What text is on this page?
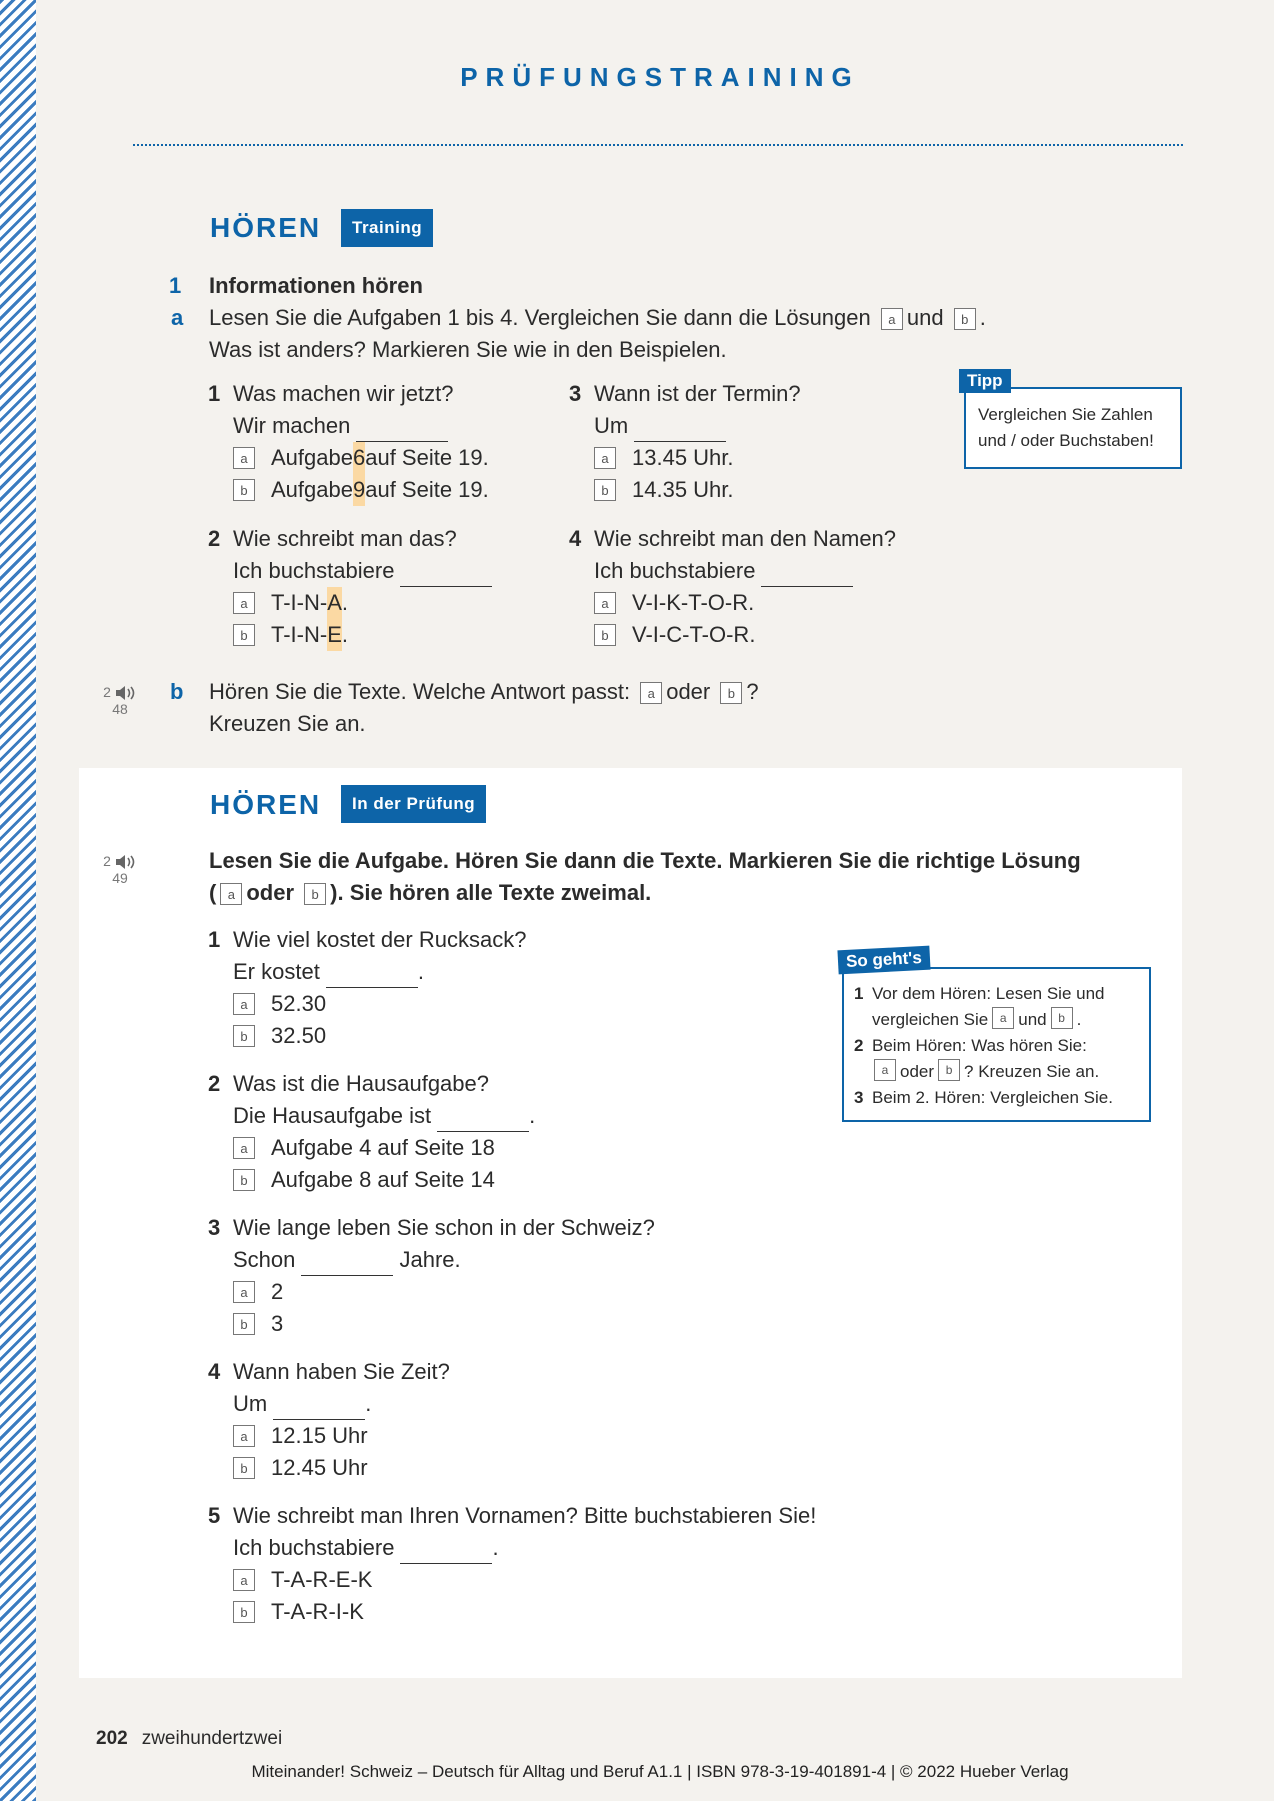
PRÜFUNGSTRAINING
HÖREN	Training
1 Informationen hören
a Lesen Sie die Aufgaben 1 bis 4. Vergleichen Sie dann die Lösungen a und b .
Was ist anders? Markieren Sie wie in den Beispielen.
1 Was machen wir jetzt?
Wir machen
a	Aufgabe 6 auf Seite 19.
b	Aufgabe 9 auf Seite 19.
3 Wann ist der Termin?
Um
a	13.45 Uhr.
b	14.35 Uhr.
Vergleichen Sie Zahlen
und / oder Buchstaben!
Tipp
2 Wie schreibt man das?
Ich buchstabiere
a	T-I-N- A .
b	T-I-N- E .
4 Wie schreibt man den Namen?
Ich buchstabiere
a	V-I-K-T-O-R.
b	V-I-C-T-O-R.
2
48
b Hören Sie die Texte. Welche Antwort passt: a oder b ?
Kreuzen Sie an.
HÖREN	In der Prüfung
2
49
Lesen Sie die Aufgabe. Hören Sie dann die Texte. Markieren Sie die richtige Lösung
( a oder b ). Sie hören alle Texte zweimal.
1 Wie viel kostet der Rucksack?
Er kostet	.
a	52.30
b	32.50
2 Was ist die Hausaufgabe?
Die Hausaufgabe ist	.
a	Aufgabe 4 auf Seite 18
b	Aufgabe 8 auf Seite 14
3 Wie lange leben Sie schon in der Schweiz?
Schon	Jahre.
a	2
b	3
4 Wann haben Sie Zeit?
Um	.
a	12.15 Uhr
b	12.45 Uhr
5 Wie schreibt man Ihren Vornamen? Bitte buchstabieren Sie!
Ich buchstabiere	.
a	T-A-R-E-K
b	T-A-R-I-K
1 Vor dem Hören: Lesen Sie und
vergleichen Sie a und b .
2 Beim Hören: Was hören Sie:
a oder b ? Kreuzen Sie an.
3 Beim 2. Hören: Vergleichen Sie.
So geht's
202 zweihundertzwei
Miteinander! Schweiz – Deutsch für Alltag und Beruf A1.1 | ISBN 978-3-19-401891-4 | © 2022 Hueber Verlag
